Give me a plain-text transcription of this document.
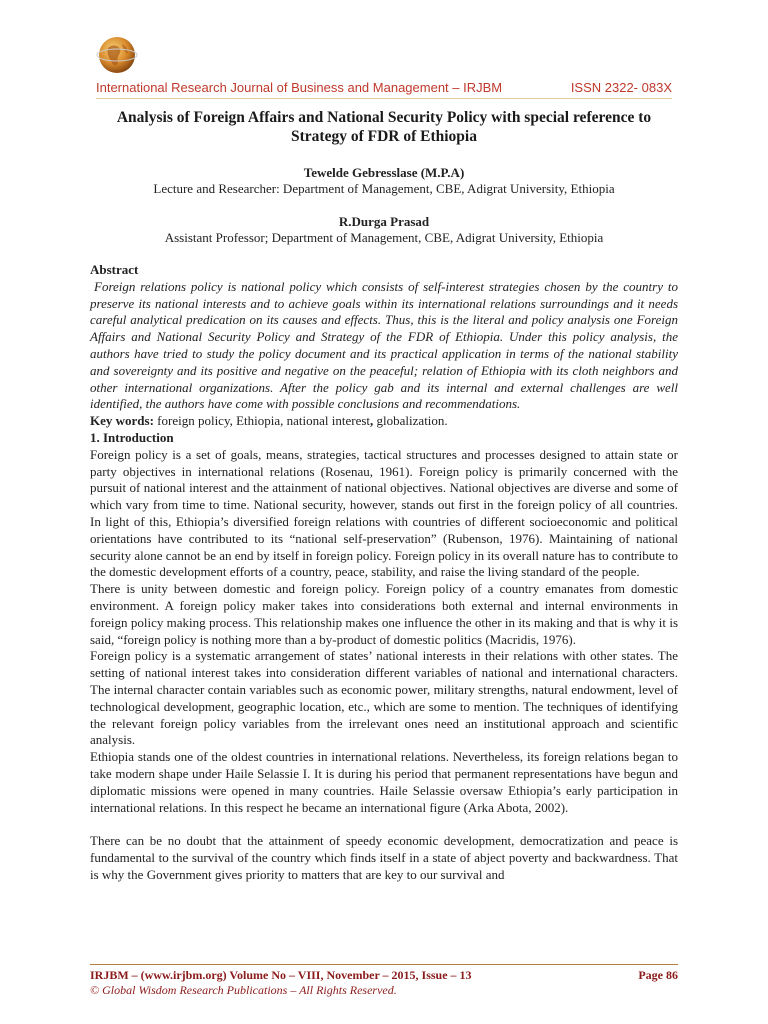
International Research Journal of Business and Management – IRJBM	ISSN 2322- 083X
Analysis of Foreign Affairs and National Security Policy with special reference to Strategy of FDR of Ethiopia
Tewelde Gebresslase (M.P.A)
Lecture and Researcher: Department of Management, CBE, Adigrat University, Ethiopia
R.Durga Prasad
Assistant Professor; Department of Management, CBE, Adigrat University, Ethiopia

Abstract

Foreign relations policy is national policy which consists of self-interest strategies chosen by the country to preserve its national interests and to achieve goals within its international relations surroundings and it needs careful analytical predication on its causes and effects. Thus, this is the literal and policy analysis one Foreign Affairs and National Security Policy and Strategy of the FDR of Ethiopia. Under this policy analysis, the authors have tried to study the policy document and its practical application in terms of the national stability and sovereignty and its positive and negative on the peaceful; relation of Ethiopia with its cloth neighbors and other international organizations. After the policy gab and its internal and external challenges are well identified, the authors have come with possible conclusions and recommendations.

Key words: foreign policy, Ethiopia, national interest, globalization.

1. Introduction

Foreign policy is a set of goals, means, strategies, tactical structures and processes designed to attain state or party objectives in international relations (Rosenau, 1961). Foreign policy is primarily concerned with the pursuit of national interest and the attainment of national objectives. National objectives are diverse and some of which vary from time to time. National security, however, stands out first in the foreign policy of all countries. In light of this, Ethiopia’s diversified foreign relations with countries of different socioeconomic and political orientations have contributed to its “national self-preservation” (Rubenson, 1976). Maintaining of national security alone cannot be an end by itself in foreign policy. Foreign policy in its overall nature has to contribute to the domestic development efforts of a country, peace, stability, and raise the living standard of the people.

There is unity between domestic and foreign policy. Foreign policy of a country emanates from domestic environment. A foreign policy maker takes into considerations both external and internal environments in foreign policy making process. This relationship makes one influence the other in its making and that is why it is said, “foreign policy is nothing more than a by-product of domestic politics (Macridis, 1976).

Foreign policy is a systematic arrangement of states’ national interests in their relations with other states. The setting of national interest takes into consideration different variables of national and international characters. The internal character contain variables such as economic power, military strengths, natural endowment, level of technological development, geographic location, etc., which are some to mention. The techniques of identifying the relevant foreign policy variables from the irrelevant ones need an institutional approach and scientific analysis.

Ethiopia stands one of the oldest countries in international relations. Nevertheless, its foreign relations began to take modern shape under Haile Selassie I. It is during his period that permanent representations have begun and diplomatic missions were opened in many countries. Haile Selassie oversaw Ethiopia’s early participation in international relations. In this respect he became an international figure (Arka Abota, 2002).

There can be no doubt that the attainment of speedy economic development, democratization and peace is fundamental to the survival of the country which finds itself in a state of abject poverty and backwardness. That is why the Government gives priority to matters that are key to our survival and

IRJBM – (www.irjbm.org) Volume No – VIII, November – 2015, Issue – 13	Page 86
© Global Wisdom Research Publications – All Rights Reserved.
